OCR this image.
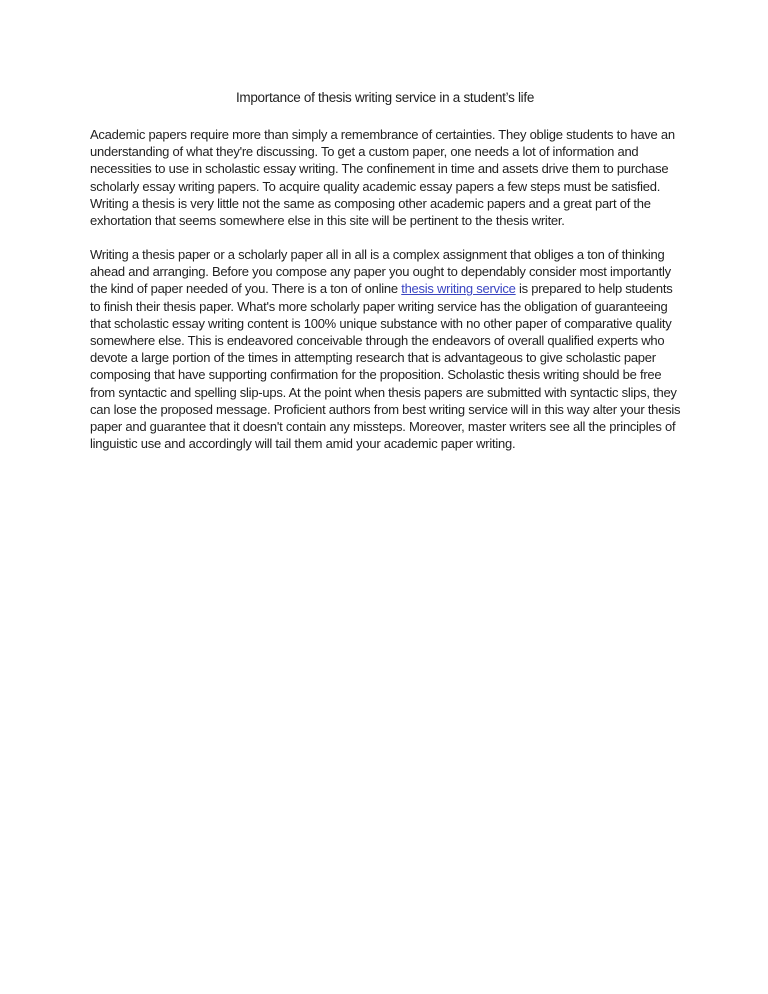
Importance of thesis writing service in a student’s life

Academic papers require more than simply a remembrance of certainties. They oblige students to have an understanding of what they're discussing. To get a custom paper, one needs a lot of information and necessities to use in scholastic essay writing. The confinement in time and assets drive them to purchase scholarly essay writing papers. To acquire quality academic essay papers a few steps must be satisfied. Writing a thesis is very little not the same as composing other academic papers and a great part of the exhortation that seems somewhere else in this site will be pertinent to the thesis writer.

Writing a thesis paper or a scholarly paper all in all is a complex assignment that obliges a ton of thinking ahead and arranging. Before you compose any paper you ought to dependably consider most importantly the kind of paper needed of you. There is a ton of online thesis writing service is prepared to help students to finish their thesis paper. What's more scholarly paper writing service has the obligation of guaranteeing that scholastic essay writing content is 100% unique substance with no other paper of comparative quality somewhere else. This is endeavored conceivable through the endeavors of overall qualified experts who devote a large portion of the times in attempting research that is advantageous to give scholastic paper composing that have supporting confirmation for the proposition. Scholastic thesis writing should be free from syntactic and spelling slip-ups. At the point when thesis papers are submitted with syntactic slips, they can lose the proposed message. Proficient authors from best writing service will in this way alter your thesis paper and guarantee that it doesn't contain any missteps. Moreover, master writers see all the principles of linguistic use and accordingly will tail them amid your academic paper writing.
